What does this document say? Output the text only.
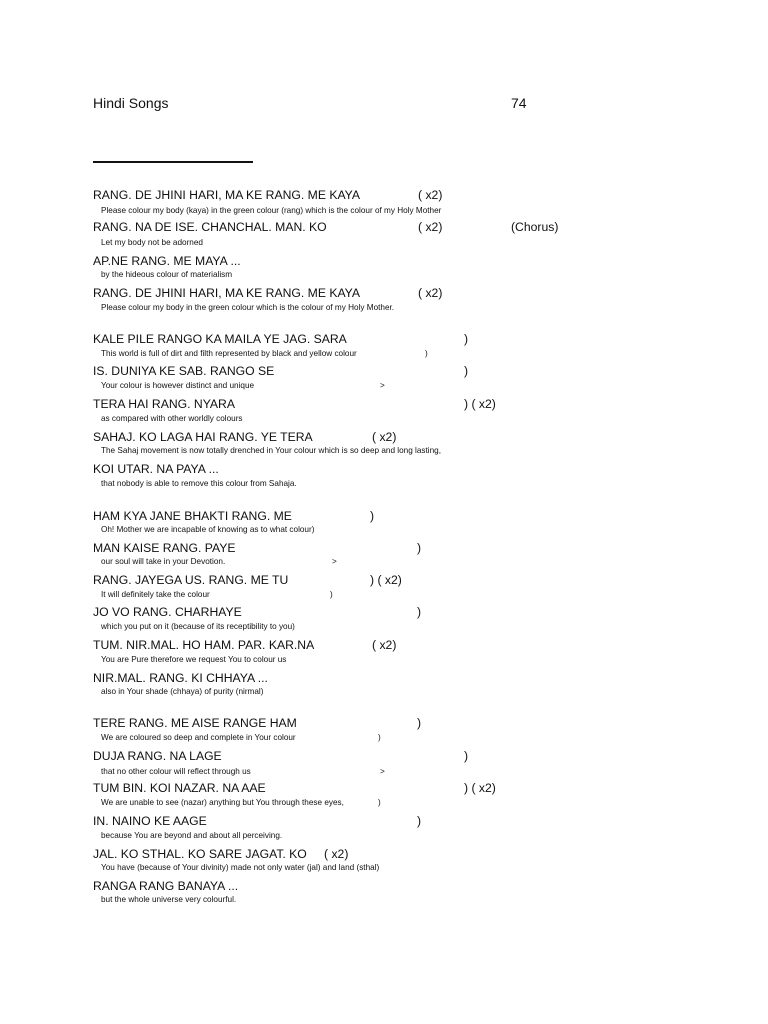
Hindi Songs	74
RANG. DE JHINI HARI, MA KE RANG. ME KAYA	( x2)
Please colour my body (kaya) in the green colour (rang) which is the colour of my Holy Mother
RANG. NA DE ISE. CHANCHAL. MAN. KO	( x2)	(Chorus)
Let my body not be adorned
AP.NE RANG. ME MAYA ...
by the hideous colour of materialism
RANG. DE JHINI HARI, MA KE RANG. ME KAYA	( x2)
Please colour my body in the green colour which is the colour of my Holy Mother.
KALE PILE RANGO KA MAILA YE JAG. SARA	)
This world is full of dirt and filth represented by black and yellow colour	)
IS. DUNIYA KE SAB. RANGO SE	)
Your colour is however distinct and unique	>
TERA HAI RANG. NYARA	) ( x2)
as compared with other worldly colours
SAHAJ. KO LAGA HAI RANG. YE TERA	( x2)
The Sahaj movement is now totally drenched in Your colour which is so deep and long lasting,
KOI UTAR. NA PAYA ...
that nobody is able to remove this colour from Sahaja.
HAM KYA JANE BHAKTI RANG. ME	)
Oh! Mother we are incapable of knowing as to what colour)
MAN KAISE RANG. PAYE	)
our soul will take in your Devotion.	>
RANG. JAYEGA US. RANG. ME TU	) ( x2)
It will definitely take the colour	)
JO VO RANG. CHARHAYE	)
which you put on it (because of its receptibility to you)
TUM. NIR.MAL. HO HAM. PAR. KAR.NA	( x2)
You are Pure therefore we request You to colour us
NIR.MAL. RANG. KI CHHAYA ...
also in Your shade (chhaya) of purity (nirmal)
TERE RANG. ME AISE RANGE HAM	)
We are coloured so deep and complete in Your colour	)
DUJA RANG. NA LAGE	)
that no other colour will reflect through us	>
TUM BIN. KOI NAZAR. NA AAE	) ( x2)
We are unable to see (nazar) anything but You through these eyes,	)
IN. NAINO KE AAGE	)
because You are beyond and about all perceiving.
JAL. KO STHAL. KO SARE JAGAT. KO ( x2)
You have (because of Your divinity) made not only water (jal) and land (sthal)
RANGA RANG BANAYA ...
but the whole universe very colourful.
